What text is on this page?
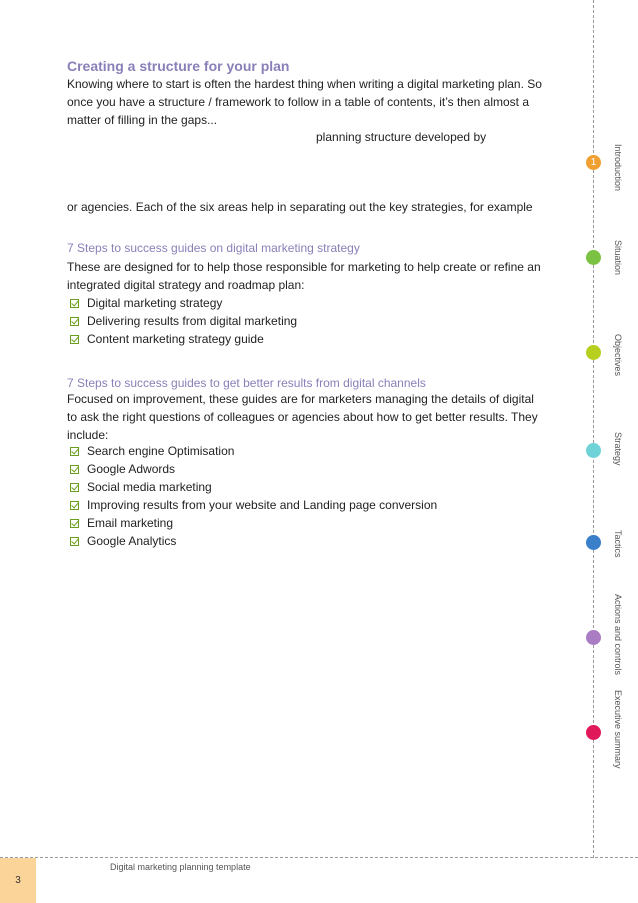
Creating a structure for your plan
Knowing where to start is often the hardest thing when writing a digital marketing plan. So
once you have a structure / framework to follow in a table of contents, it’s then almost a
matter of filling in the gaps...
planning structure developed by
or agencies. Each of the six areas help in separating out the key strategies, for example
7 Steps to success guides on digital marketing strategy
These are designed for to help those responsible for marketing to help create or refine an
integrated digital strategy and roadmap plan:
Digital marketing strategy
Delivering results from digital marketing
Content marketing strategy guide
7 Steps to success guides to get better results from digital channels
Focused on improvement, these guides are for marketers managing the details of digital
to ask the right questions of colleagues or agencies about how to get better results. They
include:
Search engine Optimisation
Google Adwords
Social media marketing
Improving results from your website and Landing page conversion
Email marketing
Google Analytics
1	Introduction
Situation
Objectives
Strategy
Tactics
Actions and controls
Executive summary
3
Digital marketing planning template
